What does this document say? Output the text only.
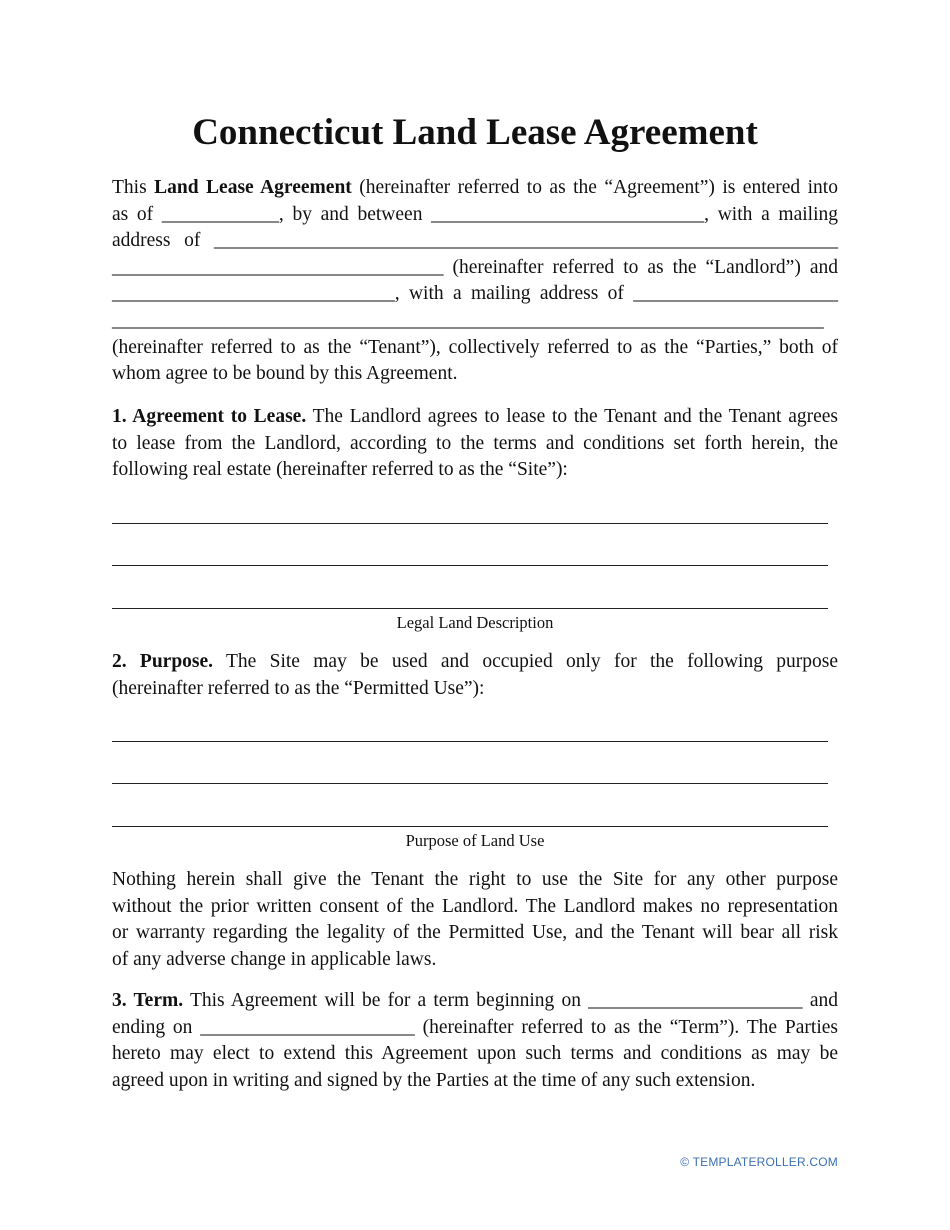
Connecticut Land Lease Agreement
This Land Lease Agreement (hereinafter referred to as the “Agreement”) is entered into
as of ____________, by and between ____________________________, with a mailing
address of ________________________________________________________________
__________________________________ (hereinafter referred to as the “Landlord”) and
_____________________________, with a mailing address of _____________________
_________________________________________________________________________
(hereinafter referred to as the “Tenant”), collectively referred to as the “Parties,” both of
whom agree to be bound by this Agreement.
1. Agreement to Lease. The Landlord agrees to lease to the Tenant and the Tenant agrees
to lease from the Landlord, according to the terms and conditions set forth herein, the
following real estate (hereinafter referred to as the “Site”):
Legal Land Description
2. Purpose. The Site may be used and occupied only for the following purpose
(hereinafter referred to as the “Permitted Use”):
Purpose of Land Use
Nothing herein shall give the Tenant the right to use the Site for any other purpose
without the prior written consent of the Landlord. The Landlord makes no representation
or warranty regarding the legality of the Permitted Use, and the Tenant will bear all risk
of any adverse change in applicable laws.
3. Term. This Agreement will be for a term beginning on ______________________ and
ending on ______________________ (hereinafter referred to as the “Term”). The Parties
hereto may elect to extend this Agreement upon such terms and conditions as may be
agreed upon in writing and signed by the Parties at the time of any such extension.
© TEMPLATEROLLER.COM
